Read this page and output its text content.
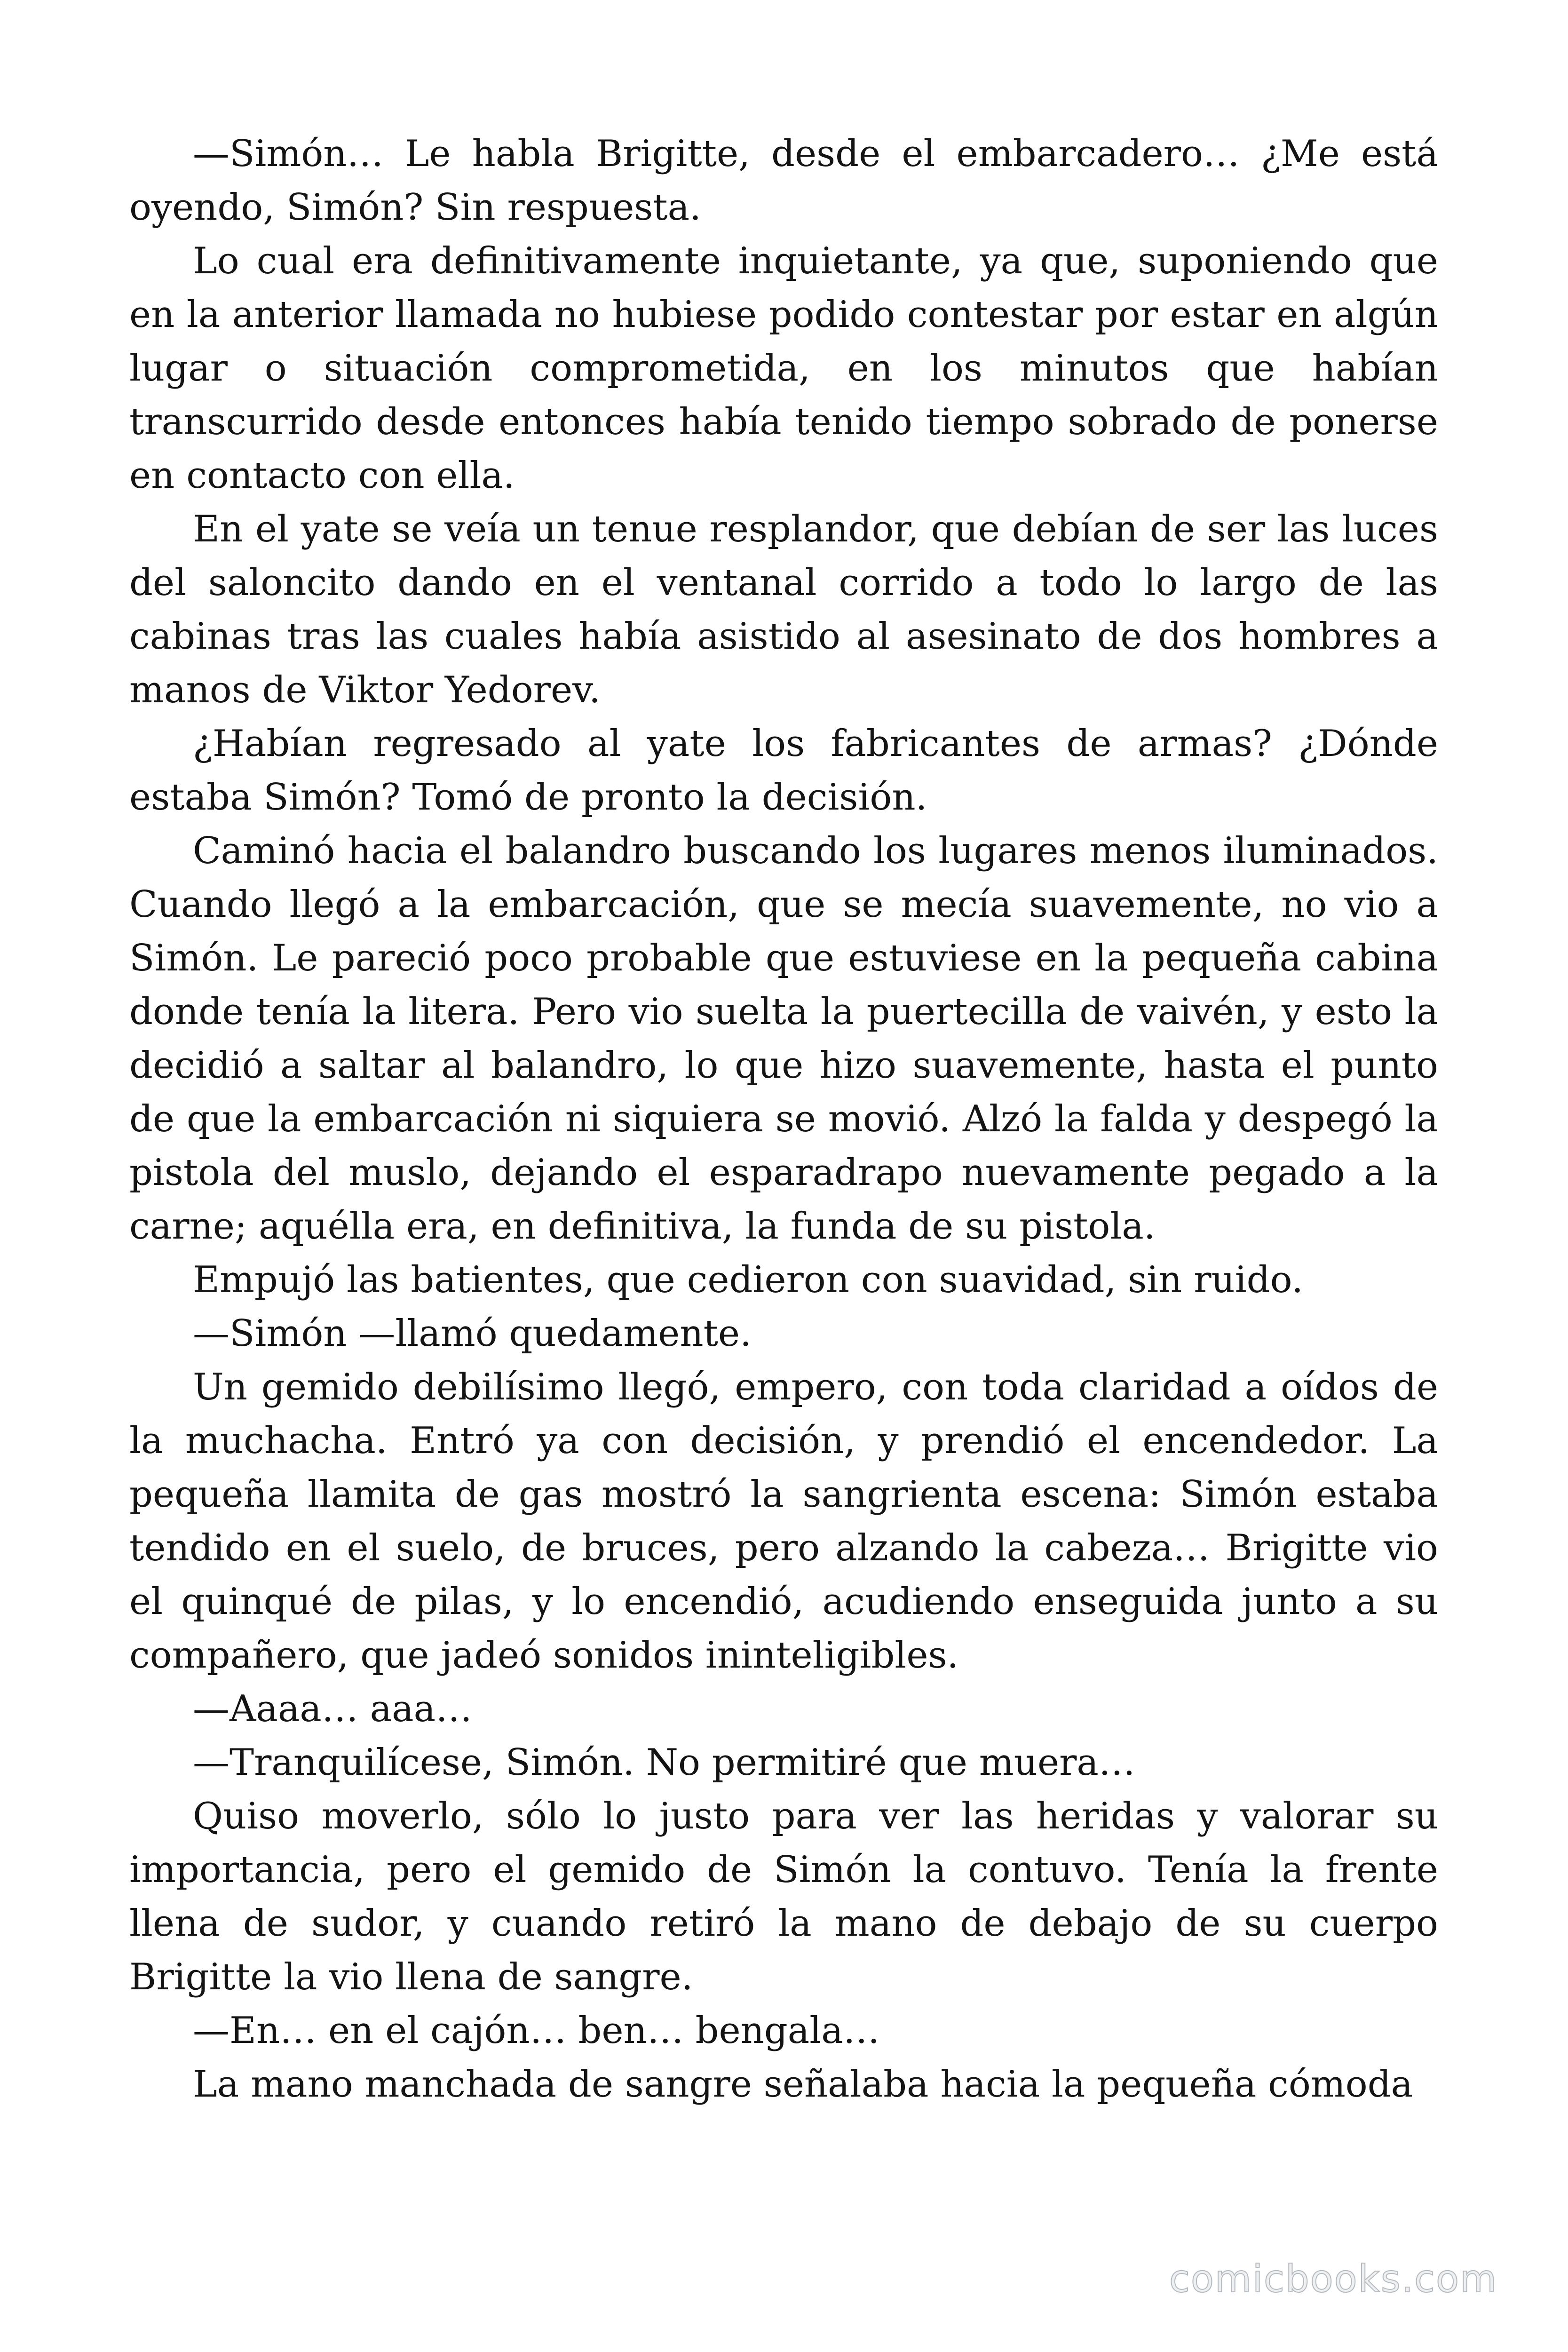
—Simón… Le habla Brigitte, desde el embarcadero… ¿Me está oyendo, Simón? Sin respuesta.

Lo cual era definitivamente inquietante, ya que, suponiendo que en la anterior llamada no hubiese podido contestar por estar en algún lugar o situación comprometida, en los minutos que habían transcurrido desde entonces había tenido tiempo sobrado de ponerse en contacto con ella.

En el yate se veía un tenue resplandor, que debían de ser las luces del saloncito dando en el ventanal corrido a todo lo largo de las cabinas tras las cuales había asistido al asesinato de dos hombres a manos de Viktor Yedorev.

¿Habían regresado al yate los fabricantes de armas? ¿Dónde estaba Simón? Tomó de pronto la decisión.

Caminó hacia el balandro buscando los lugares menos iluminados. Cuando llegó a la embarcación, que se mecía suavemente, no vio a Simón. Le pareció poco probable que estuviese en la pequeña cabina donde tenía la litera. Pero vio suelta la puertecilla de vaivén, y esto la decidió a saltar al balandro, lo que hizo suavemente, hasta el punto de que la embarcación ni siquiera se movió. Alzó la falda y despegó la pistola del muslo, dejando el esparadrapo nuevamente pegado a la carne; aquélla era, en definitiva, la funda de su pistola.

Empujó las batientes, que cedieron con suavidad, sin ruido.

—Simón —llamó quedamente.

Un gemido debilísimo llegó, empero, con toda claridad a oídos de la muchacha. Entró ya con decisión, y prendió el encendedor. La pequeña llamita de gas mostró la sangrienta escena: Simón estaba tendido en el suelo, de bruces, pero alzando la cabeza… Brigitte vio el quinqué de pilas, y lo encendió, acudiendo enseguida junto a su compañero, que jadeó sonidos ininteligibles.

—Aaaa… aaa…

—Tranquilícese, Simón. No permitiré que muera…

Quiso moverlo, sólo lo justo para ver las heridas y valorar su importancia, pero el gemido de Simón la contuvo. Tenía la frente llena de sudor, y cuando retiró la mano de debajo de su cuerpo Brigitte la vio llena de sangre.

—En… en el cajón… ben… bengala…

La mano manchada de sangre señalaba hacia la pequeña cómoda

comicbooks.com
